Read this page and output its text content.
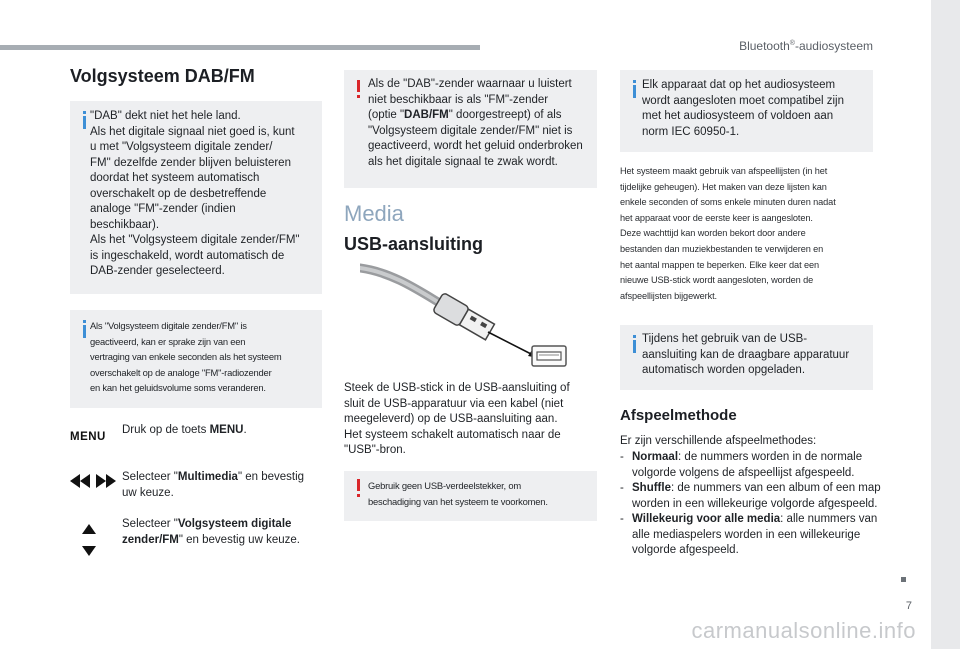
Bluetooth®-audiosysteem
7
carmanualsonline.info
Volgsysteem DAB/FM

"DAB" dekt niet het hele land.
Als het digitale signaal niet goed is, kunt
u met "Volgsysteem digitale zender/
FM" dezelfde zender blijven beluisteren
doordat het systeem automatisch
overschakelt op de desbetreffende
analoge "FM"-zender (indien
beschikbaar).
Als het "Volgsysteem digitale zender/FM"
is ingeschakeld, wordt automatisch de
DAB-zender geselecteerd.

Als "Volgsysteem digitale zender/FM" is
geactiveerd, kan er sprake zijn van een
vertraging van enkele seconden als het systeem
overschakelt op de analoge "FM"-radiozender
en kan het geluidsvolume soms veranderen.

MENU
Druk op de toets MENU.
Selecteer "Multimedia" en bevestig
uw keuze.
Selecteer "Volgsysteem digitale
zender/FM" en bevestig uw keuze.

Als de "DAB"-zender waarnaar u luistert
niet beschikbaar is als "FM"-zender
(optie "DAB/FM" doorgestreept) of als
"Volgsysteem digitale zender/FM" niet is
geactiveerd, wordt het geluid onderbroken
als het digitale signaal te zwak wordt.

Media
USB-aansluiting
Steek de USB-stick in de USB-aansluiting of
sluit de USB-apparatuur via een kabel (niet
meegeleverd) op de USB-aansluiting aan.
Het systeem schakelt automatisch naar de
"USB"-bron.

Gebruik geen USB-verdeelstekker, om
beschadiging van het systeem te voorkomen.

Elk apparaat dat op het audiosysteem
wordt aangesloten moet compatibel zijn
met het audiosysteem of voldoen aan
norm IEC 60950-1.

Het systeem maakt gebruik van afspeellijsten (in het
tijdelijke geheugen). Het maken van deze lijsten kan
enkele seconden of soms enkele minuten duren nadat
het apparaat voor de eerste keer is aangesloten.
Deze wachttijd kan worden bekort door andere
bestanden dan muziekbestanden te verwijderen en
het aantal mappen te beperken. Elke keer dat een
nieuwe USB-stick wordt aangesloten, worden de
afspeellijsten bijgewerkt.

Tijdens het gebruik van de USB-
aansluiting kan de draagbare apparatuur
automatisch worden opgeladen.

Afspeelmethode
Er zijn verschillende afspeelmethodes:
- Normaal: de nummers worden in de normale volgorde volgens de afspeellijst afgespeeld.
- Shuffle: de nummers van een album of een map worden in een willekeurige volgorde afgespeeld.
- Willekeurig voor alle media: alle nummers van alle mediaspelers worden in een willekeurige volgorde afgespeeld.
